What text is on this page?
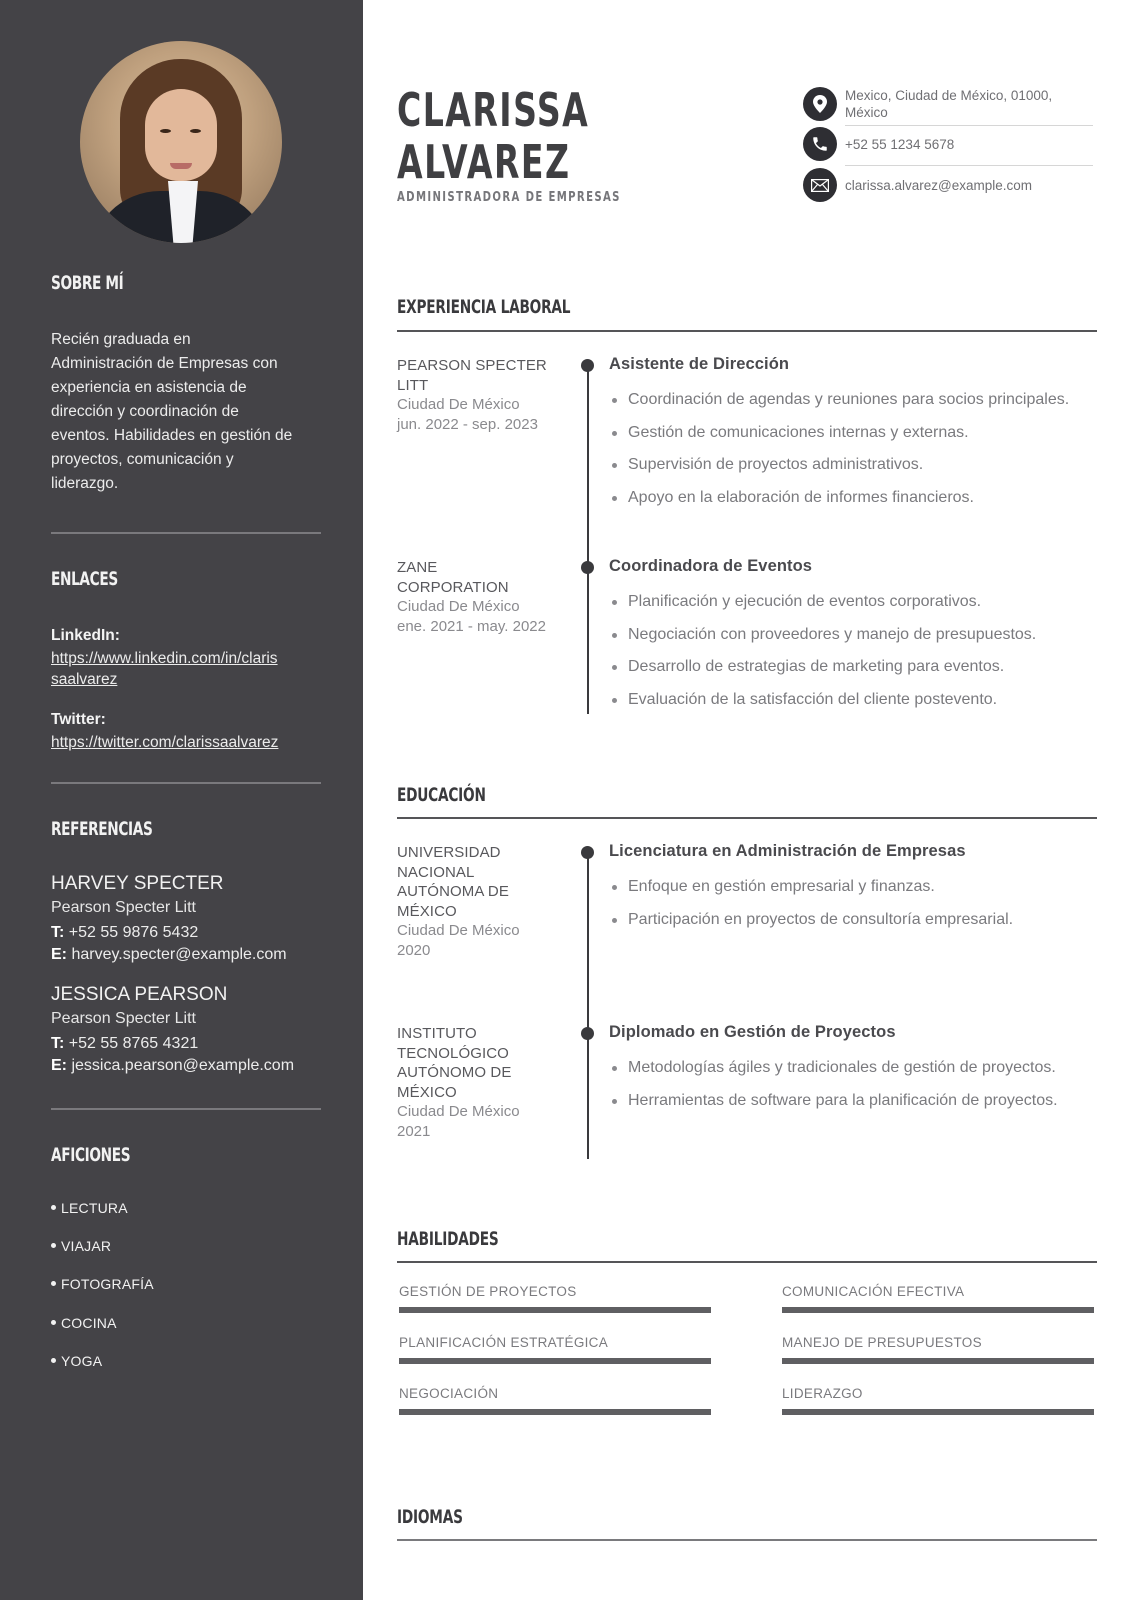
SOBRE MÍ
Recién graduada en
Administración de Empresas con
experiencia en asistencia de
dirección y coordinación de
eventos. Habilidades en gestión de
proyectos, comunicación y
liderazgo.
ENLACES
LinkedIn:
https://www.linkedin.com/in/claris
saalvarez
Twitter:
https://twitter.com/clarissaalvarez
REFERENCIAS
HARVEY SPECTER
Pearson Specter Litt
T: +52 55 9876 5432
E: harvey.specter@example.com
JESSICA PEARSON
Pearson Specter Litt
T: +52 55 8765 4321
E: jessica.pearson@example.com
AFICIONES
LECTURA
VIAJAR
FOTOGRAFÍA
COCINA
YOGA
CLARISSA
ALVAREZ
ADMINISTRADORA DE EMPRESAS
Mexico, Ciudad de México, 01000,
México
+52 55 1234 5678
clarissa.alvarez@example.com
EXPERIENCIA LABORAL
PEARSON SPECTER
LITT
Ciudad De México
jun. 2022 - sep. 2023
Asistente de Dirección
Coordinación de agendas y reuniones para socios principales.
Gestión de comunicaciones internas y externas.
Supervisión de proyectos administrativos.
Apoyo en la elaboración de informes financieros.
ZANE
CORPORATION
Ciudad De México
ene. 2021 - may. 2022
Coordinadora de Eventos
Planificación y ejecución de eventos corporativos.
Negociación con proveedores y manejo de presupuestos.
Desarrollo de estrategias de marketing para eventos.
Evaluación de la satisfacción del cliente postevento.
EDUCACIÓN
UNIVERSIDAD
NACIONAL
AUTÓNOMA DE
MÉXICO
Ciudad De México
2020
Licenciatura en Administración de Empresas
Enfoque en gestión empresarial y finanzas.
Participación en proyectos de consultoría empresarial.
INSTITUTO
TECNOLÓGICO
AUTÓNOMO DE
MÉXICO
Ciudad De México
2021
Diplomado en Gestión de Proyectos
Metodologías ágiles y tradicionales de gestión de proyectos.
Herramientas de software para la planificación de proyectos.
HABILIDADES
GESTIÓN DE PROYECTOS	COMUNICACIÓN EFECTIVA
PLANIFICACIÓN ESTRATÉGICA	MANEJO DE PRESUPUESTOS
NEGOCIACIÓN	LIDERAZGO
IDIOMAS
